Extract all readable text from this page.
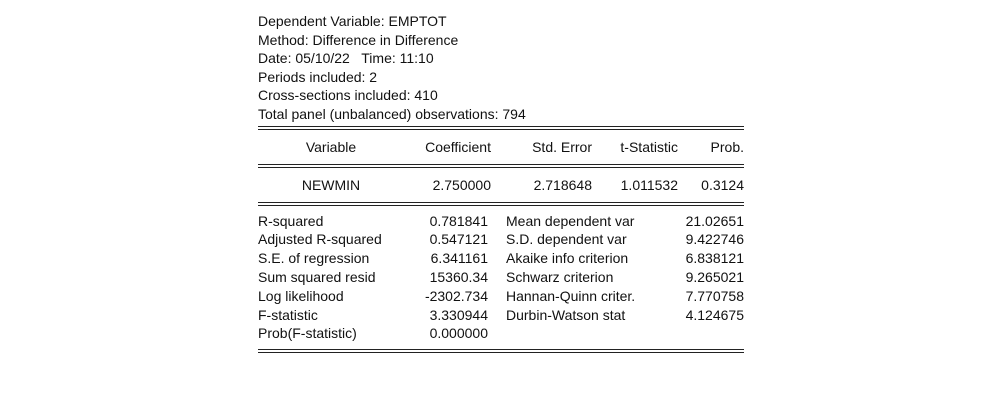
Dependent Variable: EMPTOT
Method: Difference in Difference
Date: 05/10/22   Time: 11:10
Periods included: 2
Cross-sections included: 410
Total panel (unbalanced) observations: 794
Variable	Coefficient	Std. Error	t-Statistic	Prob.
NEWMIN	2.750000	2.718648	1.011532	0.3124
R-squared	0.781841		Mean dependent var	21.02651
Adjusted R-squared	0.547121		S.D. dependent var	9.422746
S.E. of regression	6.341161		Akaike info criterion	6.838121
Sum squared resid	15360.34		Schwarz criterion	9.265021
Log likelihood	-2302.734		Hannan-Quinn criter.	7.770758
F-statistic	3.330944		Durbin-Watson stat	4.124675
Prob(F-statistic)	0.000000			
